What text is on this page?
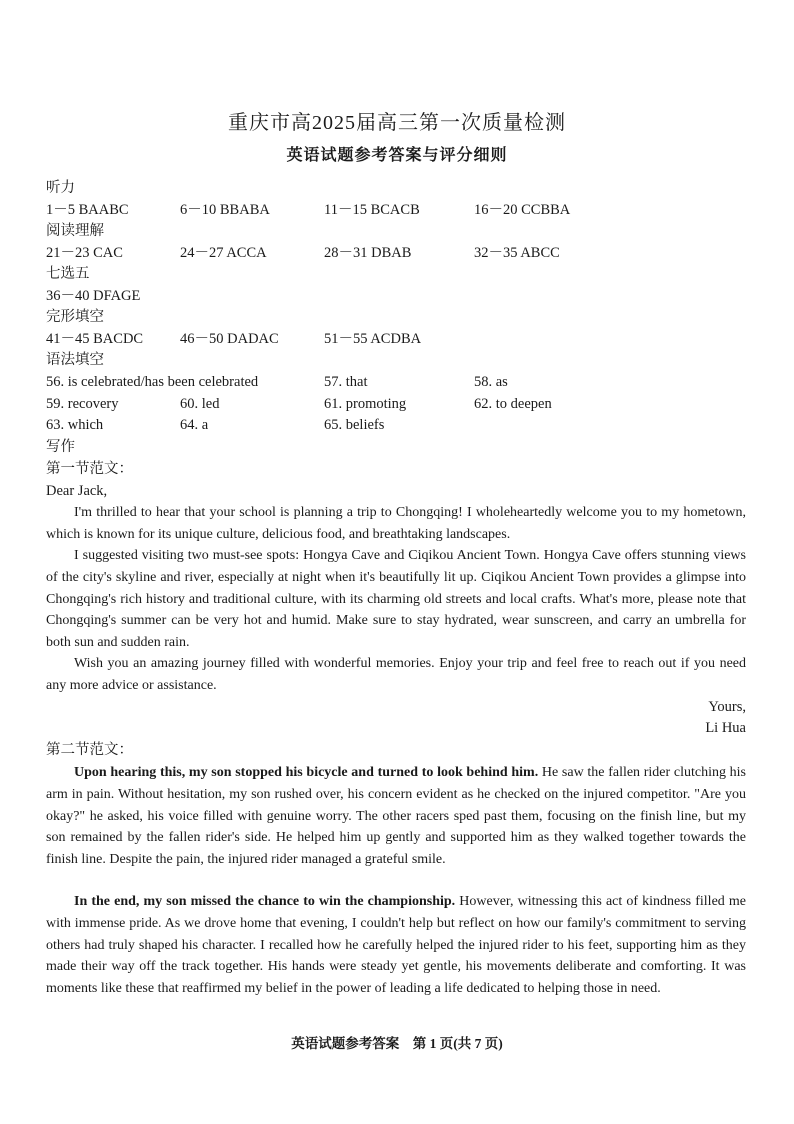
重庆市高2025届高三第一次质量检测
英语试题参考答案与评分细则
听力
1－5 BAABC	6－10 BBABA	11－15 BCACB	16－20 CCBBA
阅读理解
21－23 CAC	24－27 ACCA	28－31 DBAB	32－35 ABCC
七选五
36－40 DFAGE
完形填空
41－45 BACDC	46－50 DADAC	51－55 ACDBA
语法填空
56. is celebrated/has been celebrated	57. that	58. as
59. recovery	60. led	61. promoting	62. to deepen
63. which	64. a	65. beliefs
写作
第一节范文：
Dear Jack,
I'm thrilled to hear that your school is planning a trip to Chongqing! I wholeheartedly welcome you to my hometown, which is known for its unique culture, delicious food, and breathtaking landscapes.
I suggested visiting two must-see spots: Hongya Cave and Ciqikou Ancient Town. Hongya Cave offers stunning views of the city's skyline and river, especially at night when it's beautifully lit up. Ciqikou Ancient Town provides a glimpse into Chongqing's rich history and traditional culture, with its charming old streets and local crafts. What's more, please note that Chongqing's summer can be very hot and humid. Make sure to stay hydrated, wear sunscreen, and carry an umbrella for both sun and sudden rain.
Wish you an amazing journey filled with wonderful memories. Enjoy your trip and feel free to reach out if you need any more advice or assistance.
Yours,
Li Hua
第二节范文：
Upon hearing this, my son stopped his bicycle and turned to look behind him. He saw the fallen rider clutching his arm in pain. Without hesitation, my son rushed over, his concern evident as he checked on the injured competitor. "Are you okay?" he asked, his voice filled with genuine worry. The other racers sped past them, focusing on the finish line, but my son remained by the fallen rider's side. He helped him up gently and supported him as they walked together towards the finish line. Despite the pain, the injured rider managed a grateful smile.
In the end, my son missed the chance to win the championship. However, witnessing this act of kindness filled me with immense pride. As we drove home that evening, I couldn't help but reflect on how our family's commitment to serving others had truly shaped his character. I recalled how he carefully helped the injured rider to his feet, supporting him as they made their way off the track together. His hands were steady yet gentle, his movements deliberate and comforting. It was moments like these that reaffirmed my belief in the power of leading a life dedicated to helping those in need.
英语试题参考答案　第 1 页(共 7 页)
